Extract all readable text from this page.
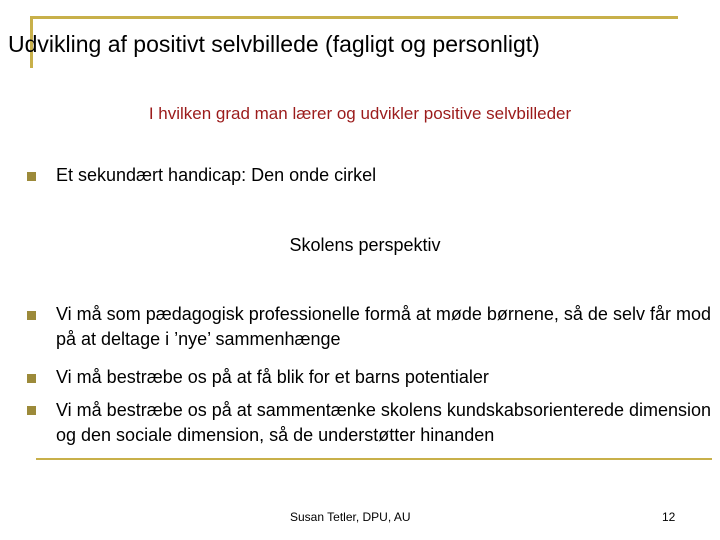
Udvikling af positivt selvbillede (fagligt og personligt)
I hvilken grad man lærer og udvikler positive selvbilleder
Et sekundært handicap: Den onde cirkel
Skolens perspektiv
Vi må som pædagogisk professionelle formå at møde børnene, så de selv får mod på at deltage i ’nye’ sammenhænge
Vi må bestræbe os på at få blik for et barns potentialer
Vi må bestræbe os på at sammentænke skolens kundskabsorienterede dimension og den sociale dimension, så de understøtter hinanden
Susan Tetler, DPU, AU	12
